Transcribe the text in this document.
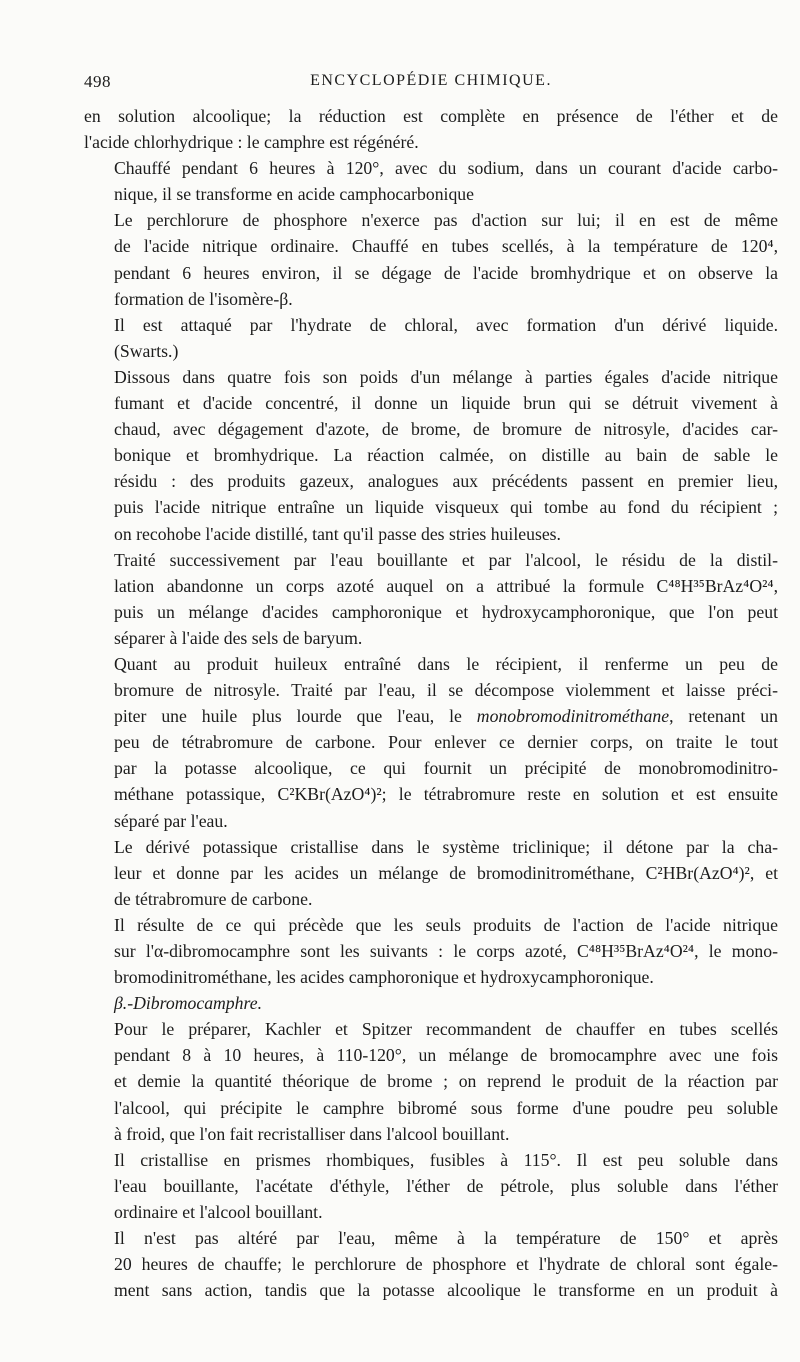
498	ENCYCLOPÉDIE CHIMIQUE.

en solution alcoolique; la réduction est complète en présence de l'éther et de
l'acide chlorhydrique : le camphre est régénéré.

Chauffé pendant 6 heures à 120°, avec du sodium, dans un courant d'acide carbo-
nique, il se transforme en acide camphocarbonique

Le perchlorure de phosphore n'exerce pas d'action sur lui; il en est de même
de l'acide nitrique ordinaire. Chauffé en tubes scellés, à la température de 120⁴,
pendant 6 heures environ, il se dégage de l'acide bromhydrique et on observe la
formation de l'isomère-β.

Il est attaqué par l'hydrate de chloral, avec formation d'un dérivé liquide.
(Swarts.)

Dissous dans quatre fois son poids d'un mélange à parties égales d'acide nitrique
fumant et d'acide concentré, il donne un liquide brun qui se détruit vivement à
chaud, avec dégagement d'azote, de brome, de bromure de nitrosyle, d'acides car-
bonique et bromhydrique. La réaction calmée, on distille au bain de sable le
résidu : des produits gazeux, analogues aux précédents passent en premier lieu,
puis l'acide nitrique entraîne un liquide visqueux qui tombe au fond du récipient ;
on recohobe l'acide distillé, tant qu'il passe des stries huileuses.

Traité successivement par l'eau bouillante et par l'alcool, le résidu de la distil-
lation abandonne un corps azoté auquel on a attribué la formule C⁴⁸H³⁵BrAz⁴O²⁴,
puis un mélange d'acides camphoronique et hydroxycamphoronique, que l'on peut
séparer à l'aide des sels de baryum.

Quant au produit huileux entraîné dans le récipient, il renferme un peu de
bromure de nitrosyle. Traité par l'eau, il se décompose violemment et laisse préci-
piter une huile plus lourde que l'eau, le monobromodinitrométhane, retenant un
peu de tétrabromure de carbone. Pour enlever ce dernier corps, on traite le tout
par la potasse alcoolique, ce qui fournit un précipité de monobromodinitro-
méthane potassique, C²KBr(AzO⁴)²; le tétrabromure reste en solution et est ensuite
séparé par l'eau.

Le dérivé potassique cristallise dans le système triclinique; il détone par la cha-
leur et donne par les acides un mélange de bromodinitrométhane, C²HBr(AzO⁴)², et
de tétrabromure de carbone.

Il résulte de ce qui précède que les seuls produits de l'action de l'acide nitrique
sur l'α-dibromocamphre sont les suivants : le corps azoté, C⁴⁸H³⁵BrAz⁴O²⁴, le mono-
bromodinitrométhane, les acides camphoronique et hydroxycamphoronique.

β.-Dibromocamphre.

Pour le préparer, Kachler et Spitzer recommandent de chauffer en tubes scellés
pendant 8 à 10 heures, à 110-120°, un mélange de bromocamphre avec une fois
et demie la quantité théorique de brome ; on reprend le produit de la réaction par
l'alcool, qui précipite le camphre bibromé sous forme d'une poudre peu soluble
à froid, que l'on fait recristalliser dans l'alcool bouillant.

Il cristallise en prismes rhombiques, fusibles à 115°. Il est peu soluble dans
l'eau bouillante, l'acétate d'éthyle, l'éther de pétrole, plus soluble dans l'éther
ordinaire et l'alcool bouillant.

Il n'est pas altéré par l'eau, même à la température de 150° et après
20 heures de chauffe; le perchlorure de phosphore et l'hydrate de chloral sont égale-
ment sans action, tandis que la potasse alcoolique le transforme en un produit à
